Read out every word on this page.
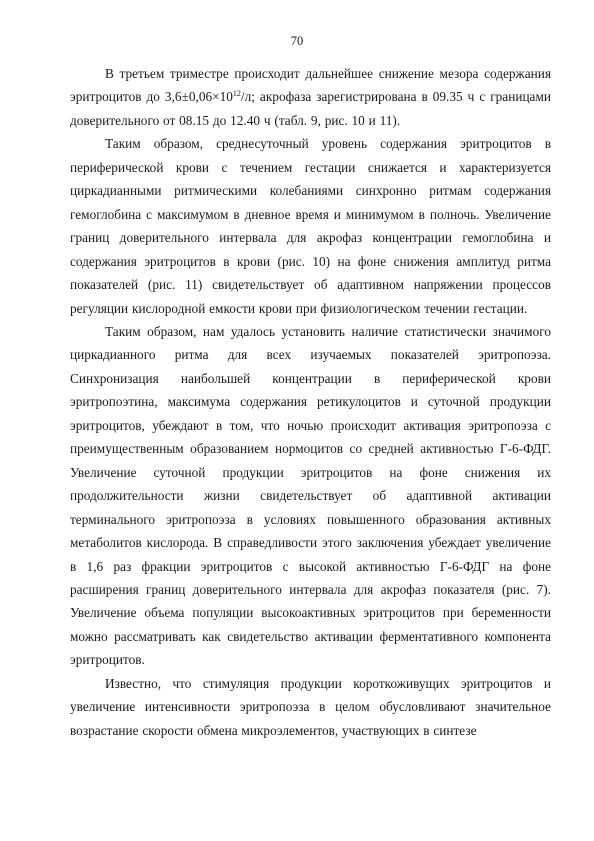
70

В третьем триместре происходит дальнейшее снижение мезора содержания эритроцитов до $3,6\pm 0,06\times 10^{12}/л$; акрофаза зарегистрирована в 09.35 ч с границами доверительного от 08.15 до 12.40 ч (табл. 9, рис. 10 и 11).

Таким образом, среднесуточный уровень содержания эритроцитов в периферической крови с течением гестации снижается и характеризуется циркадианными ритмическими колебаниями синхронно ритмам содержания гемоглобина с максимумом в дневное время и минимумом в полночь. Увеличение границ доверительного интервала для акрофаз концентрации гемоглобина и содержания эритроцитов в крови (рис. 10) на фоне снижения амплитуд ритма показателей (рис. 11) свидетельствует об адаптивном напряжении процессов регуляции кислородной емкости крови при физиологическом течении гестации.

Таким образом, нам удалось установить наличие статистически значимого циркадианного ритма для всех изучаемых показателей эритропоэза. Синхронизация наибольшей концентрации в периферической крови эритропоэтина, максимума содержания ретикулоцитов и суточной продукции эритроцитов, убеждают в том, что ночью происходит активация эритропоэза с преимущественным образованием нормоцитов со средней активностью Г-6-ФДГ. Увеличение суточной продукции эритроцитов на фоне снижения их продолжительности жизни свидетельствует об адаптивной активации терминального эритропоэза в условиях повышенного образования активных метаболитов кислорода. В справедливости этого заключения убеждает увеличение в 1,6 раз фракции эритроцитов с высокой активностью Г-6-ФДГ на фоне расширения границ доверительного интервала для акрофаз показателя (рис. 7). Увеличение объема популяции высокоактивных эритроцитов при беременности можно рассматривать как свидетельство активации ферментативного компонента эритроцитов.

Известно, что стимуляция продукции короткоживущих эритроцитов и увеличение интенсивности эритропоэза в целом обусловливают значительное возрастание скорости обмена микроэлементов, участвующих в синтезе
